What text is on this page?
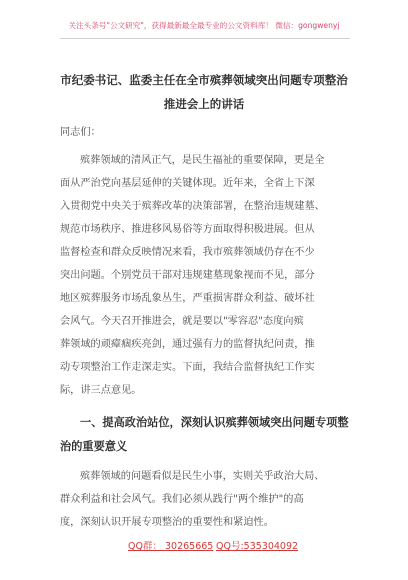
关注头条号"公文研究"，获得最新最全最专业的公文资料库！ 微信：gongwenyj
市纪委书记、监委主任在全市殡葬领域突出问题专项整治
推进会上的讲话
同志们：
殡葬领域的清风正气，是民生福祉的重要保障，更是全
面从严治党向基层延伸的关键体现。近年来，全省上下深
入贯彻党中央关于殡葬改革的决策部署，在整治违规建墓、
规范市场秩序、推进移风易俗等方面取得积极进展。但从
监督检查和群众反映情况来看，我市殡葬领域仍存在不少
突出问题。个别党员干部对违规建墓现象视而不见，部分
地区殡葬服务市场乱象丛生，严重损害群众利益、破坏社
会风气。今天召开推进会，就是要以"零容忍"态度向殡
葬领域的顽瘴痼疾亮剑，通过强有力的监督执纪问责，推
动专项整治工作走深走实。下面，我结合监督执纪工作实
际，讲三点意见。
一、提高政治站位，深刻认识殡葬领域突出问题专项整
治的重要意义
殡葬领域的问题看似是民生小事，实则关乎政治大局、
群众利益和社会风气。我们必须从践行"两个维护"的高
度，深刻认识开展专项整治的重要性和紧迫性。
QQ群： 30265665 QQ号:535304092
